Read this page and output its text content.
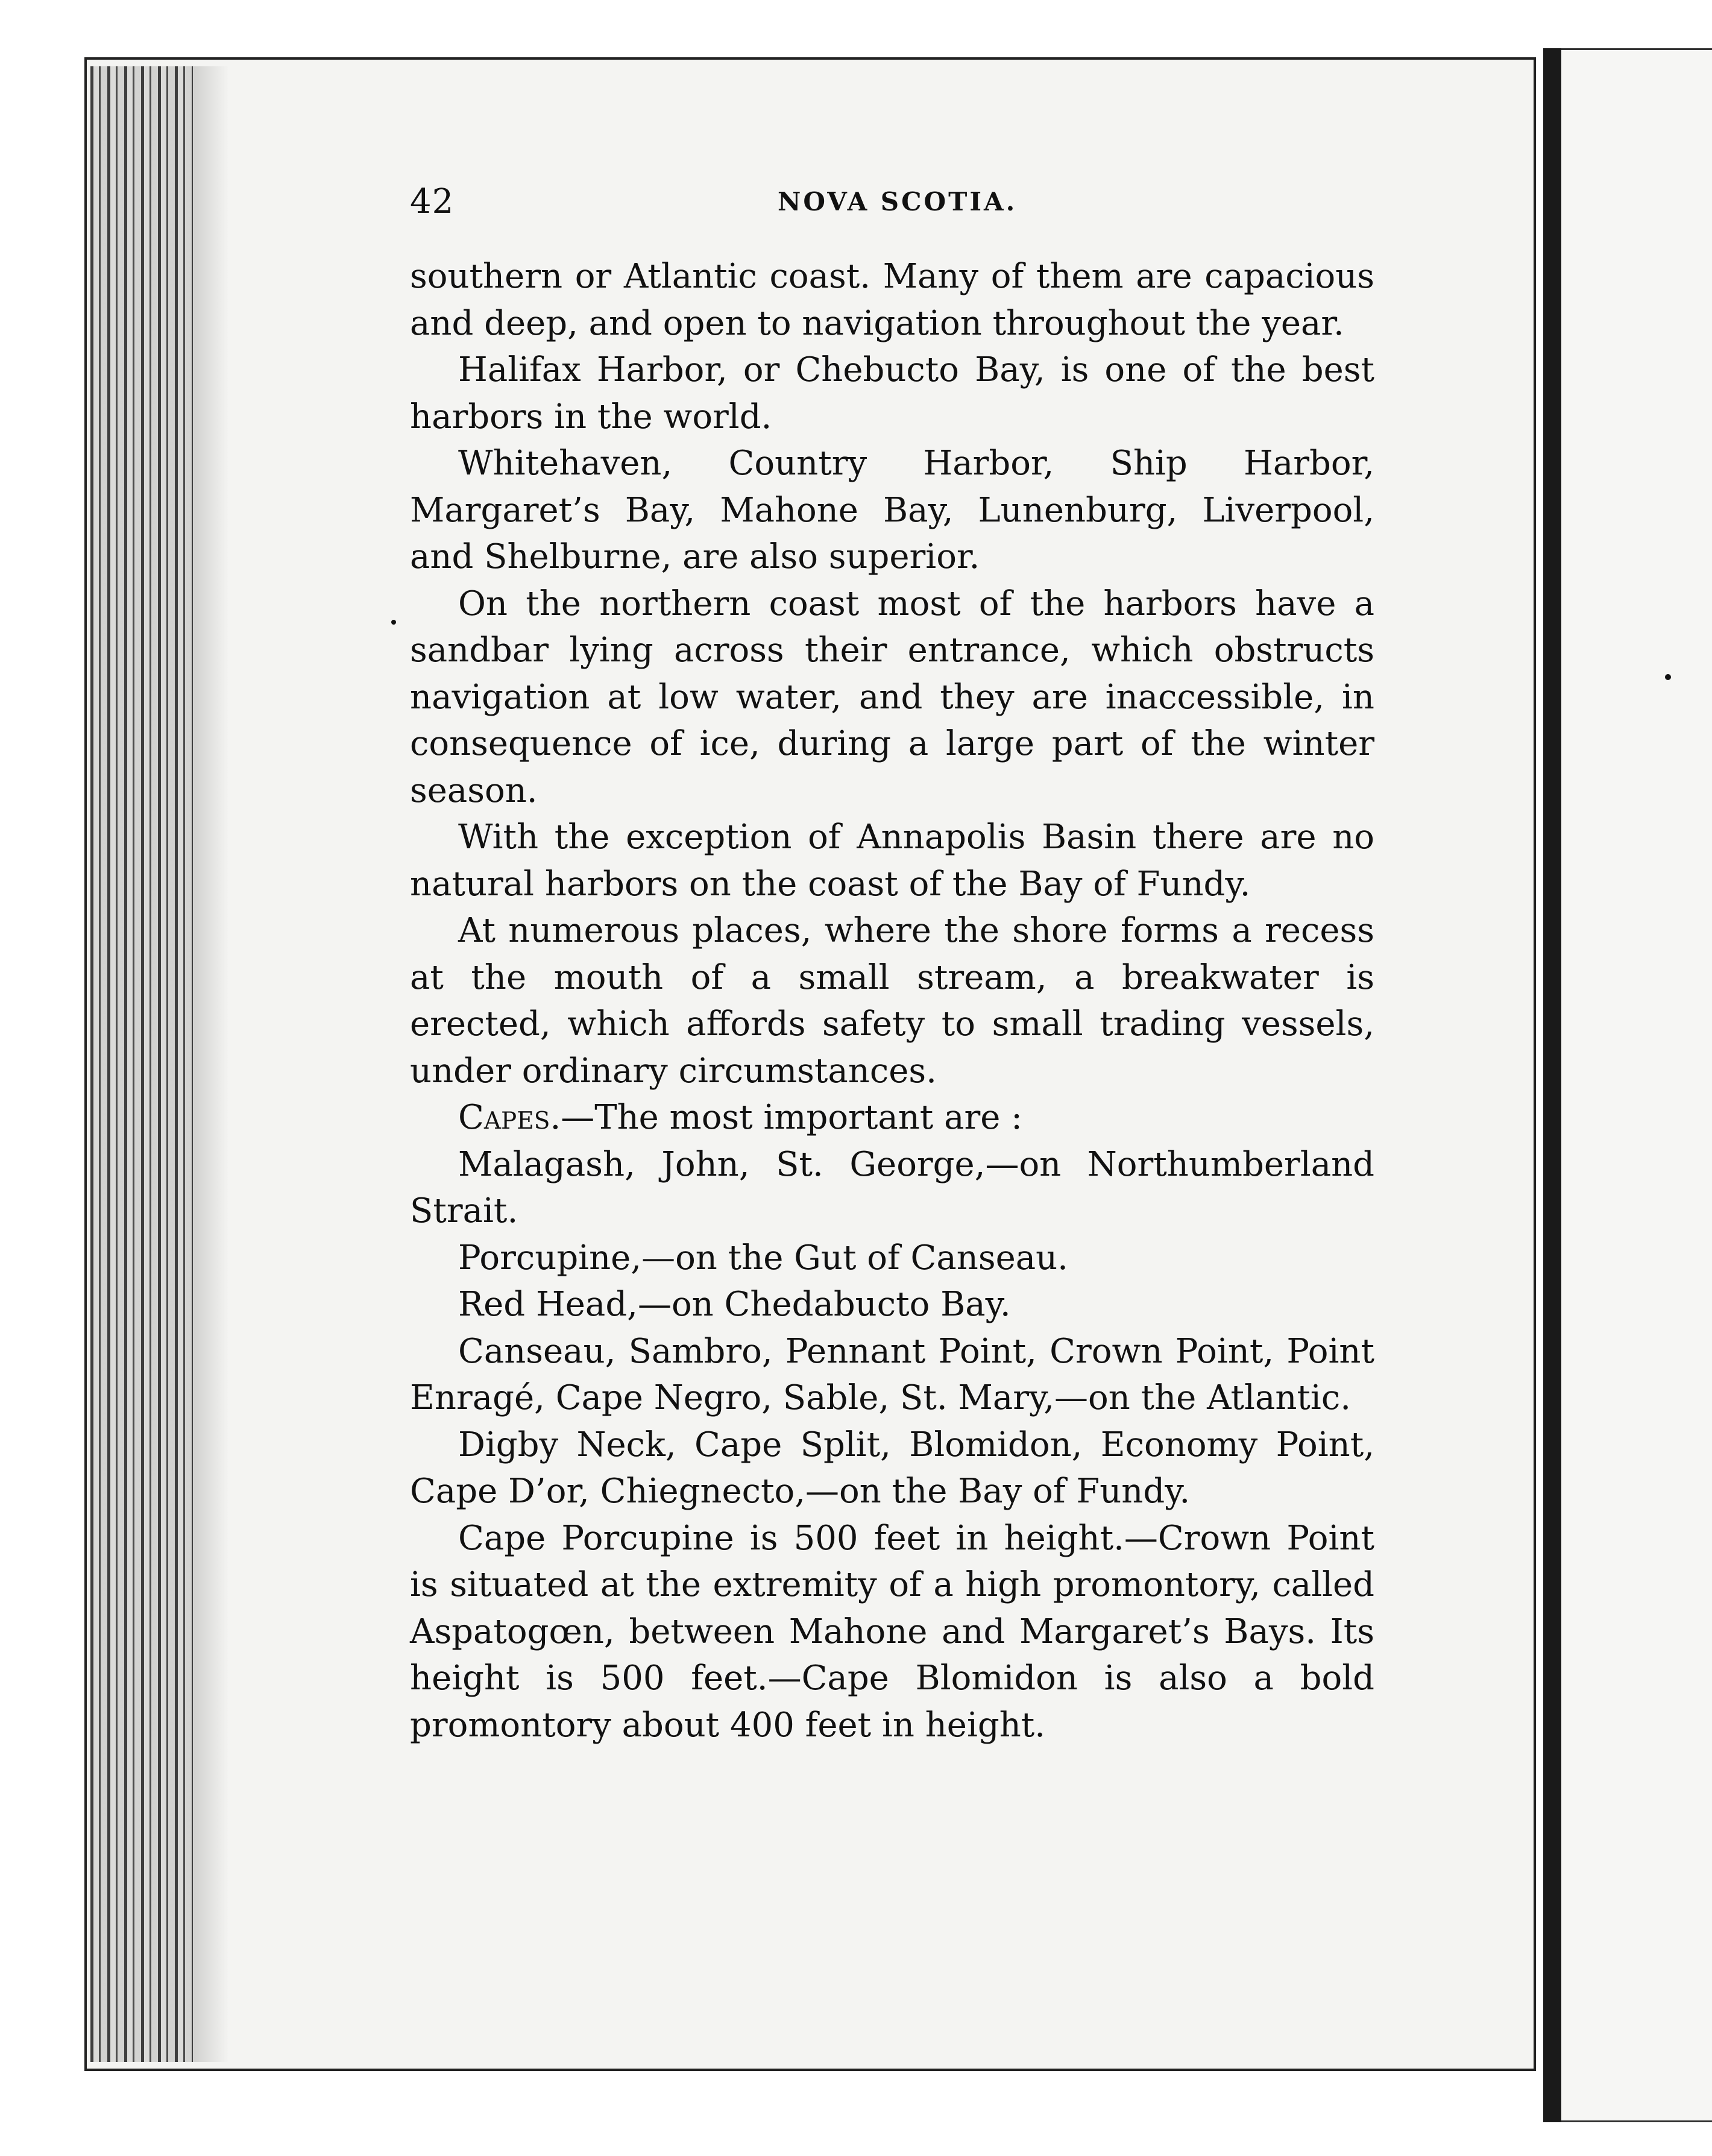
42	NOVA SCOTIA.

southern or Atlantic coast. Many of them are capacious and deep, and open to navigation throughout the year.

Halifax Harbor, or Chebucto Bay, is one of the best harbors in the world.

Whitehaven, Country Harbor, Ship Harbor, Margaret’s Bay, Mahone Bay, Lunenburg, Liverpool, and Shelburne, are also superior.

On the northern coast most of the harbors have a sandbar lying across their entrance, which obstructs navigation at low water, and they are inaccessible, in consequence of ice, during a large part of the winter season.

With the exception of Annapolis Basin there are no natural harbors on the coast of the Bay of Fundy.

At numerous places, where the shore forms a recess at the mouth of a small stream, a breakwater is erected, which affords safety to small trading vessels, under ordinary circumstances.

Capes.—The most important are :

Malagash, John, St. George,—on Northumberland Strait.

Porcupine,—on the Gut of Canseau.

Red Head,—on Chedabucto Bay.

Canseau, Sambro, Pennant Point, Crown Point, Point Enragé, Cape Negro, Sable, St. Mary,—on the Atlantic.

Digby Neck, Cape Split, Blomidon, Economy Point, Cape D’or, Chiegnecto,—on the Bay of Fundy.

Cape Porcupine is 500 feet in height.—Crown Point is situated at the extremity of a high promontory, called Aspatogœn, between Mahone and Margaret’s Bays. Its height is 500 feet.—Cape Blomidon is also a bold promontory about 400 feet in height.
